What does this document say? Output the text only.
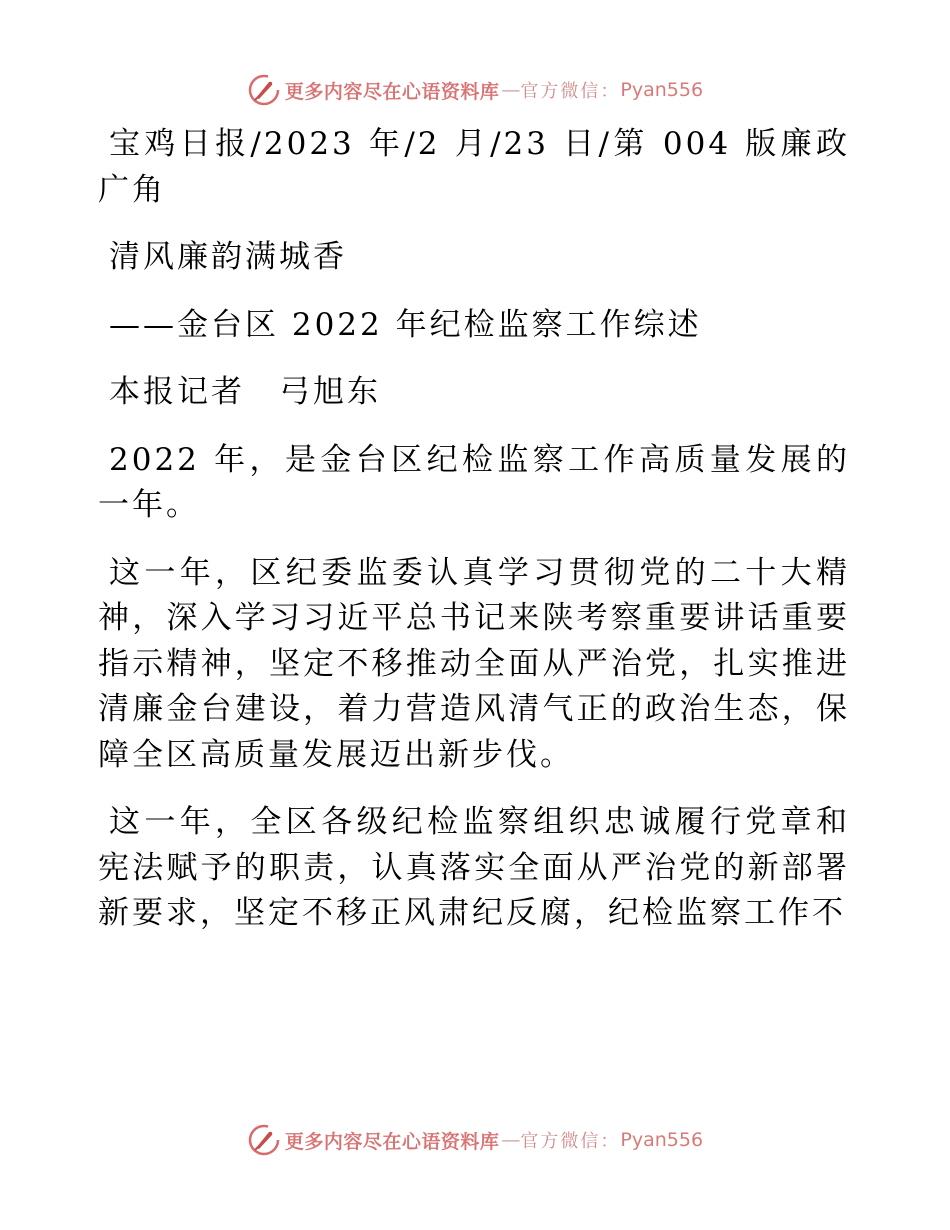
更多内容尽在心语资料库 — 官方微信： Pyan556

宝鸡日报/2023 年/2 月/23 日/第 004 版廉政广角

清风廉韵满城香

——金台区 2022 年纪检监察工作综述

本报记者　弓旭东

2022 年，是金台区纪检监察工作高质量发展的一年。

这一年，区纪委监委认真学习贯彻党的二十大精神，深入学习习近平总书记来陕考察重要讲话重要指示精神，坚定不移推动全面从严治党，扎实推进清廉金台建设，着力营造风清气正的政治生态，保障全区高质量发展迈出新步伐。

这一年，全区各级纪检监察组织忠诚履行党章和宪法赋予的职责，认真落实全面从严治党的新部署新要求，坚定不移正风肃纪反腐，纪检监察工作不

更多内容尽在心语资料库 — 官方微信： Pyan556
